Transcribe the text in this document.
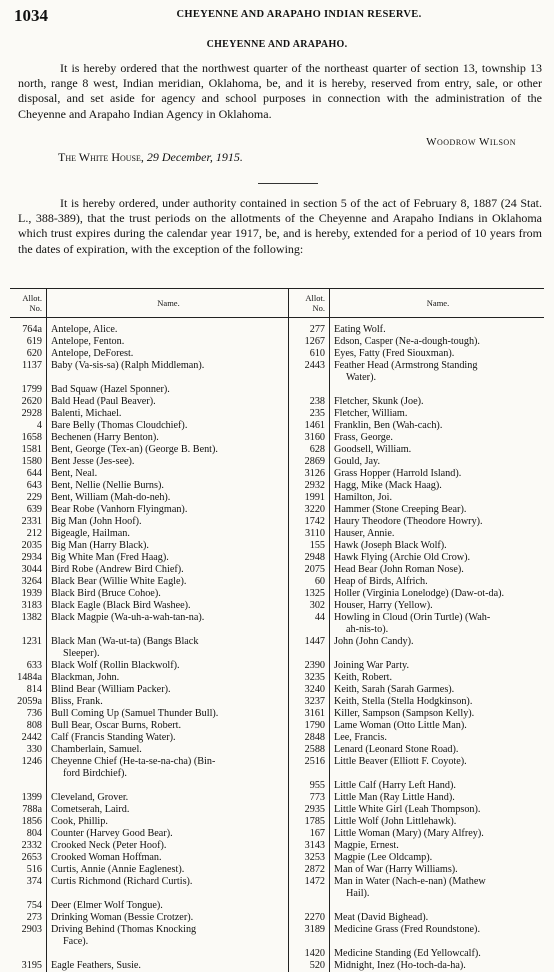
1034	CHEYENNE AND ARAPAHO INDIAN RESERVE.
CHEYENNE AND ARAPAHO.
It is hereby ordered that the northwest quarter of the northeast quarter of section 13, township 13 north, range 8 west, Indian meridian, Oklahoma, be, and it is hereby, reserved from entry, sale, or other disposal, and set aside for agency and school purposes in connection with the administration of the Cheyenne and Arapaho Indian Agency in Oklahoma.
Woodrow Wilson
The White House, 29 December, 1915.
It is hereby ordered, under authority contained in section 5 of the act of February 8, 1887 (24 Stat. L., 388-389), that the trust periods on the allotments of the Cheyenne and Arapaho Indians in Oklahoma which trust expires during the calendar year 1917, be, and is hereby, extended for a period of 10 years from the dates of expiration, with the exception of the following:
Allot. No.	Name.	Allot. No.	Name.
764a	Antelope, Alice.	277	Eating Wolf.

619	Antelope, Fenton.	1267	Edson, Casper (Ne-a-dough-tough).

620	Antelope, DeForest.	610	Eyes, Fatty (Fred Siouxman).

1137	Baby (Va-sis-sa) (Ralph Middleman).	2443	Feather Head (Armstrong Standing
Water).

1799	Bad Squaw (Hazel Sponner).		

2620	Bald Head (Paul Beaver).	238	Fletcher, Skunk (Joe).

2928	Balenti, Michael.	235	Fletcher, William.

4	Bare Belly (Thomas Cloudchief).	1461	Franklin, Ben (Wah-cach).

1658	Bechenen (Harry Benton).	3160	Frass, George.

1581	Bent, George (Tex-an) (George B. Bent).	628	Goodsell, William.

1580	Bent Jesse (Jes-see).	2869	Gould, Jay.

644	Bent, Neal.	3126	Grass Hopper (Harrold Island).

643	Bent, Nellie (Nellie Burns).	2932	Hagg, Mike (Mack Haag).

229	Bent, William (Mah-do-neh).	1991	Hamilton, Joi.

639	Bear Robe (Vanhorn Flyingman).	3220	Hammer (Stone Creeping Bear).

2331	Big Man (John Hoof).	1742	Haury Theodore (Theodore Howry).

212	Bigeagle, Hailman.	3110	Hauser, Annie.

2035	Big Man (Harry Black).	155	Hawk (Joseph Black Wolf).

2934	Big White Man (Fred Haag).	2948	Hawk Flying (Archie Old Crow).

3044	Bird Robe (Andrew Bird Chief).	2075	Head Bear (John Roman Nose).

3264	Black Bear (Willie White Eagle).	60	Heap of Birds, Alfrich.

1939	Black Bird (Bruce Cohoe).	1325	Holler (Virginia Lonelodge) (Daw-ot-da).

3183	Black Eagle (Black Bird Washee).	302	Houser, Harry (Yellow).

1382	Black Magpie (Wa-uh-a-wah-tan-na).	44	Howling in Cloud (Orin Turtle) (Wah-
ah-nis-to).

1231	Black Man (Wa-ut-ta) (Bangs Black
Sleeper).	1447	John (John Candy).

633	Black Wolf (Rollin Blackwolf).	2390	Joining War Party.

1484a	Blackman, John.	3235	Keith, Robert.

814	Blind Bear (William Packer).	3240	Keith, Sarah (Sarah Garmes).

2059a	Bliss, Frank.	3237	Keith, Stella (Stella Hodgkinson).

736	Bull Coming Up (Samuel Thunder Bull).	3161	Killer, Sampson (Sampson Kelly).

808	Bull Bear, Oscar Burns, Robert.	1790	Lame Woman (Otto Little Man).

2442	Calf (Francis Standing Water).	2848	Lee, Francis.

330	Chamberlain, Samuel.	2588	Lenard (Leonard Stone Road).

1246	Cheyenne Chief (He-ta-se-na-cha) (Bin-
ford Birdchief).	2516	Little Beaver (Elliott F. Coyote).

		955	Little Calf (Harry Left Hand).

1399	Cleveland, Grover.	773	Little Man (Ray Little Hand).

788a	Cometserah, Laird.	2935	Little White Girl (Leah Thompson).

1856	Cook, Phillip.	1785	Little Wolf (John Littlehawk).

804	Counter (Harvey Good Bear).	167	Little Woman (Mary) (Mary Alfrey).

2332	Crooked Neck (Peter Hoof).	3143	Magpie, Ernest.

2653	Crooked Woman Hoffman.	3253	Magpie (Lee Oldcamp).

516	Curtis, Annie (Annie Eaglenest).	2872	Man of War (Harry Williams).

374	Curtis Richmond (Richard Curtis).	1472	Man in Water (Nach-e-nan) (Mathew
Hail).

754	Deer (Elmer Wolf Tongue).		

273	Drinking Woman (Bessie Crotzer).	2270	Meat (David Bighead).

2903	Driving Behind (Thomas Knocking
Face).	3189	Medicine Grass (Fred Roundstone).

		1420	Medicine Standing (Ed Yellowcalf).

3195	Eagle Feathers, Susie.	520	Midnight, Inez (Ho-toch-da-ha).
